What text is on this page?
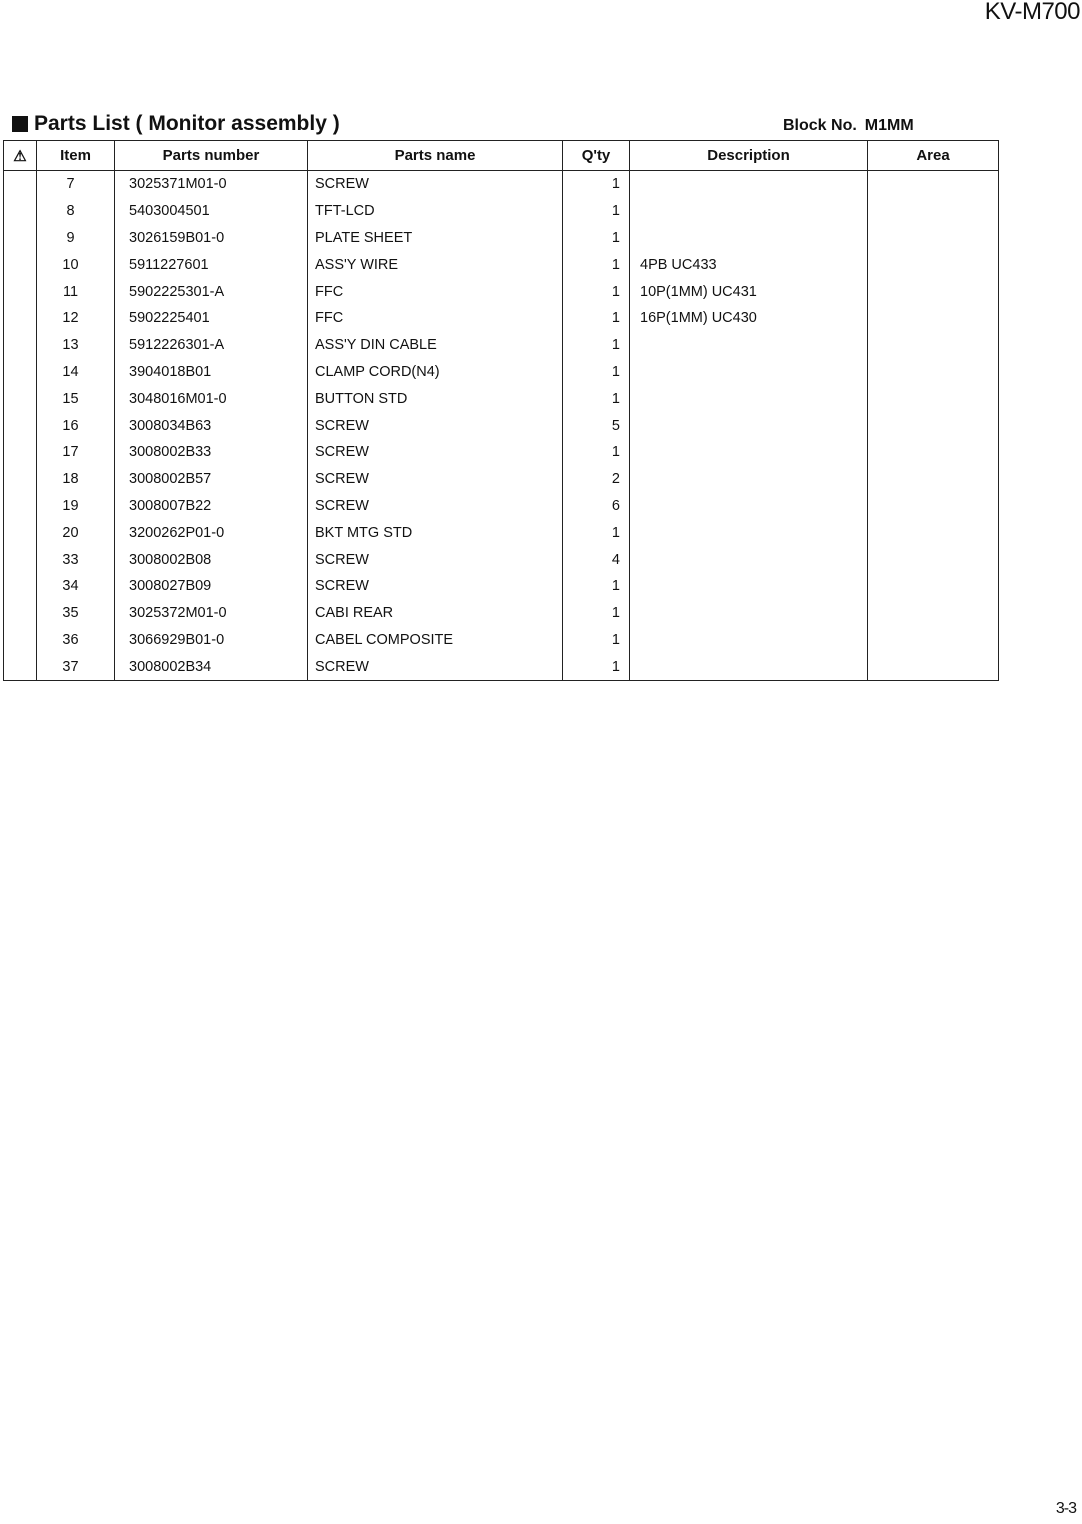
KV-M700
Parts List ( Monitor assembly )	Block No. M1MM
⚠	Item	Parts number	Parts name	Q'ty	Description	Area
	7	3025371M01-0	SCREW	1		
	8	5403004501	TFT-LCD	1		
	9	3026159B01-0	PLATE SHEET	1		
	10	5911227601	ASS'Y WIRE	1	4PB UC433	
	11	5902225301-A	FFC	1	10P(1MM) UC431	
	12	5902225401	FFC	1	16P(1MM) UC430	
	13	5912226301-A	ASS'Y DIN CABLE	1		
	14	3904018B01	CLAMP CORD(N4)	1		
	15	3048016M01-0	BUTTON STD	1		
	16	3008034B63	SCREW	5		
	17	3008002B33	SCREW	1		
	18	3008002B57	SCREW	2		
	19	3008007B22	SCREW	6		
	20	3200262P01-0	BKT MTG STD	1		
	33	3008002B08	SCREW	4		
	34	3008027B09	SCREW	1		
	35	3025372M01-0	CABI REAR	1		
	36	3066929B01-0	CABEL COMPOSITE	1		
	37	3008002B34	SCREW	1		
3-3
